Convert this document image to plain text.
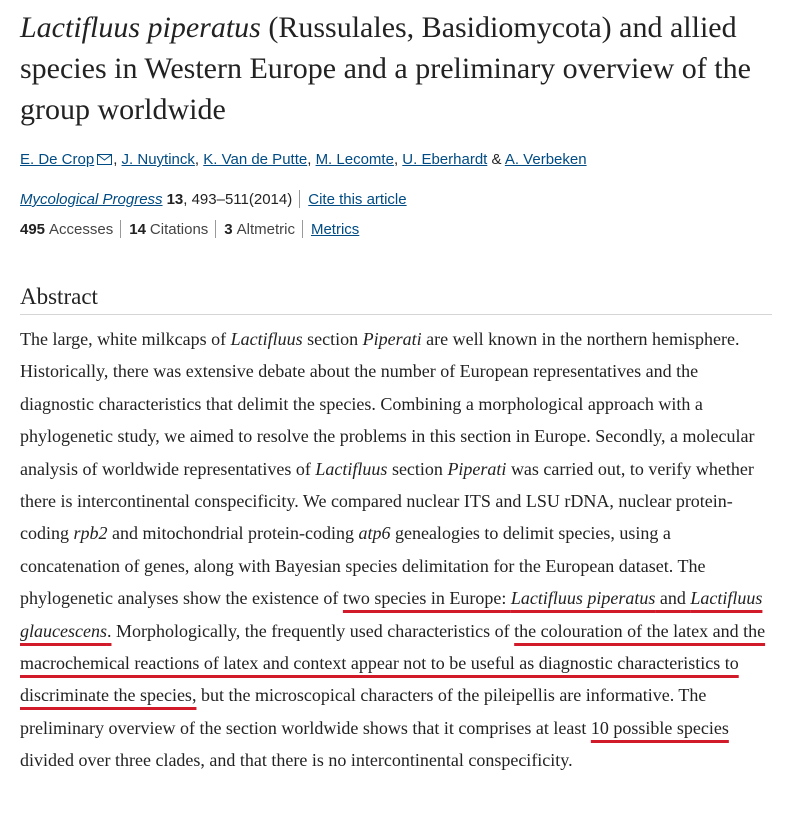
Lactifluus piperatus (Russulales, Basidiomycota) and allied species in Western Europe and a preliminary overview of the group worldwide
E. De Crop , J. Nuytinck, K. Van de Putte, M. Lecomte, U. Eberhardt & A. Verbeken
Mycological Progress 13, 493–511(2014) Cite this article
495 Accesses 14 Citations 3 Altmetric Metrics
Abstract

The large, white milkcaps of Lactifluus section Piperati are well known in the northern hemisphere. Historically, there was extensive debate about the number of European representatives and the diagnostic characteristics that delimit the species. Combining a morphological approach with a phylogenetic study, we aimed to resolve the problems in this section in Europe. Secondly, a molecular analysis of worldwide representatives of Lactifluus section Piperati was carried out, to verify whether there is intercontinental conspecificity. We compared nuclear ITS and LSU rDNA, nuclear protein-coding rpb2 and mitochondrial protein-coding atp6 genealogies to delimit species, using a concatenation of genes, along with Bayesian species delimitation for the European dataset. The phylogenetic analyses show the existence of two species in Europe: Lactifluus piperatus and Lactifluus glaucescens. Morphologically, the frequently used characteristics of the colouration of the latex and the macrochemical reactions of latex and context appear not to be useful as diagnostic characteristics to discriminate the species, but the microscopical characters of the pileipellis are informative. The preliminary overview of the section worldwide shows that it comprises at least 10 possible species divided over three clades, and that there is no intercontinental conspecificity.
